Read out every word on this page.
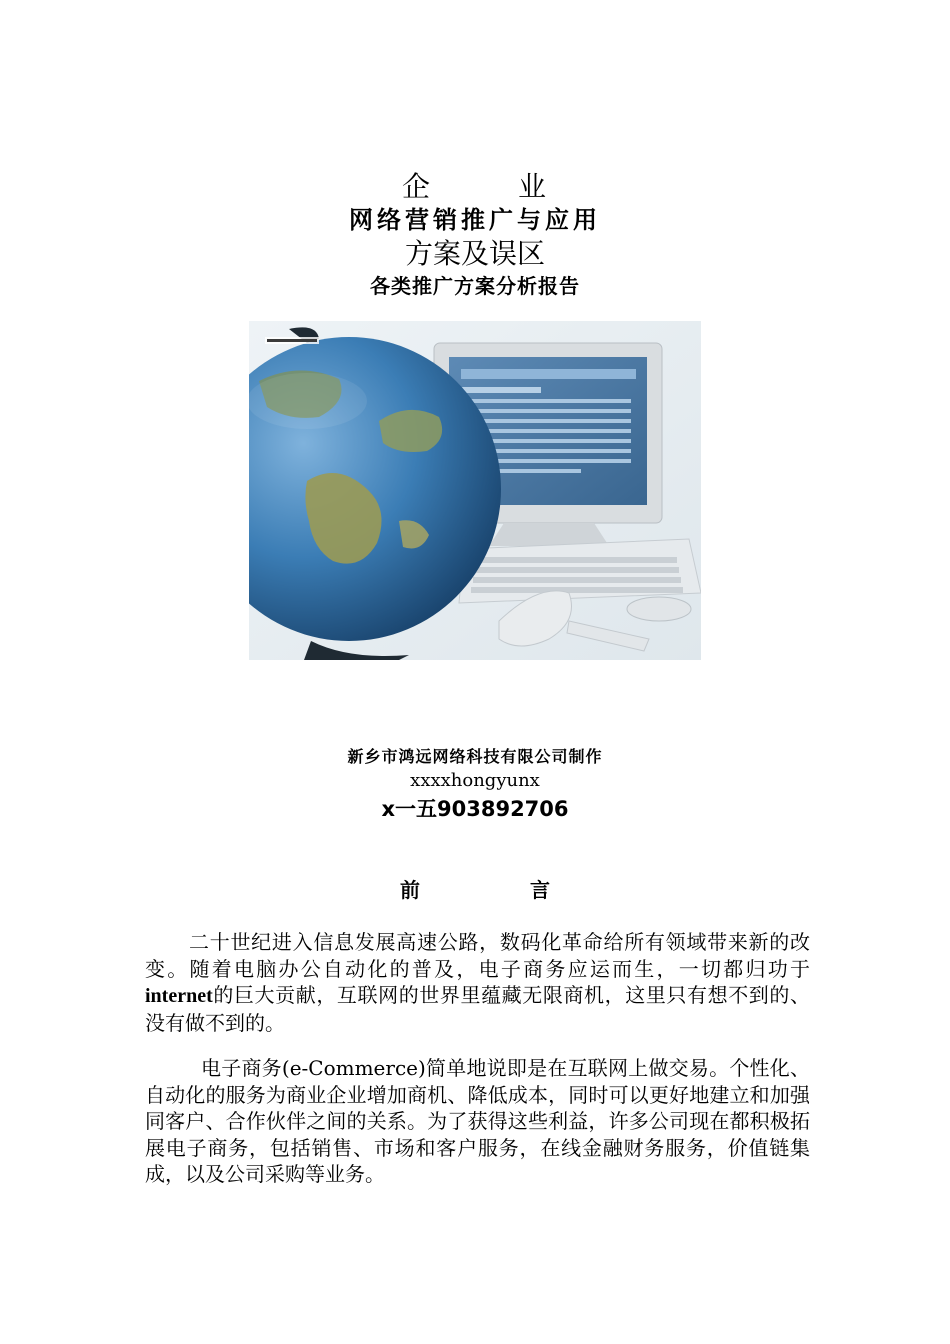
企	业
网络营销推广与应用
方案及误区
各类推广方案分析报告
新乡市鸿远网络科技有限公司制作
xxxxhongyunx
x一五903892706
前	言
二十世纪进入信息发展高速公路，数码化革命给所有领域带来新的改变。随着电脑办公自动化的普及，电子商务应运而生，一切都归功于internet的巨大贡献，互联网的世界里蕴藏无限商机，这里只有想不到的、没有做不到的。
电子商务(e-Commerce)简单地说即是在互联网上做交易。个性化、自动化的服务为商业企业增加商机、降低成本，同时可以更好地建立和加强同客户、合作伙伴之间的关系。为了获得这些利益，许多公司现在都积极拓展电子商务，包括销售、市场和客户服务，在线金融财务服务，价值链集成，以及公司采购等业务。
